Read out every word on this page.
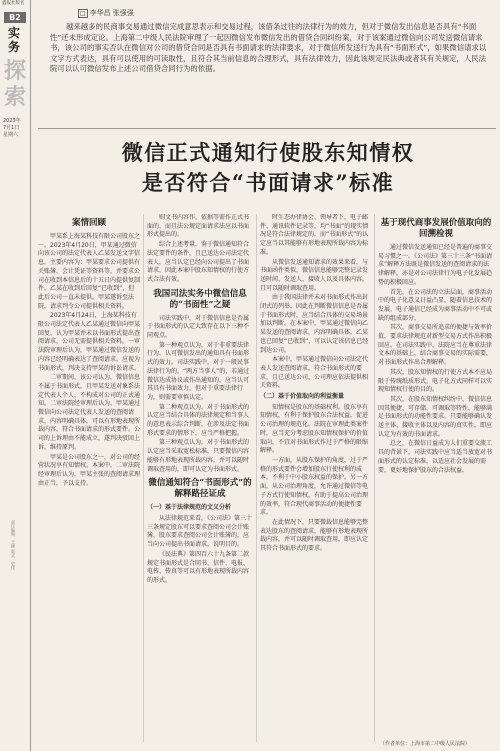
鑫报社版名
B2
实务
探索
2023年
7月1日
星期六
责任编辑：王峰 版式：史佳
□ 李华昌 张强强
越来越多的民商事交易通过微信完成意思表示和交易过程，该借条过往的法律行为的效力，但对于微信发出信息是否具有“书面性”还未形成定论。上海第二中级人民法院审理了一起因微信发布微信发出的借贷合同纠纷案，对于该案通过微信向公司发送微信请求书，该公司的事实否认在微信对公司的借贷合同是否具有书面请求的法律要求，对于微信所发送行为具有“书面形式”，如果微信请求以文字方式表达，具有可以使用的可读取性，且符合其当前信息的合理形式，具有法律效力，因此该规定民法典或者其有关规定，人民法院可以认可微信发布上述公司借贷合同行为的依据。
微信正式通知行使股东知情权
是否符合“书面请求”标准
案情回顾

甲某系上海某科技有限公司股东之一。2023年4月20日，甲某通过微信向该公司的法定代表人乙某发送文字信息，主要内容为：甲某要求公司提供有关账簿、会计凭证等资料等，并要求公司在收到本信息后的十五日内提供复制件。乙某在收到后回复“已收到”，但此后公司一直未提供。甲某遂诉至法院，请求判令公司提供相关资料。

2023年4月24日，上海某科技有限公司法定代表人乙某通过微信向甲某回复，认为甲某并未以书面形式提出查阅请求，公司无需提供相关资料。一审法院审理后认为，甲某通过微信发送的内容已经明确表达了查阅请求，应视为书面形式，判决支持甲某的诉讼请求。

二审期间，该公司认为，微信信息不属于书面形式，且甲某发送对象系法定代表人个人，不构成对公司的正式通知。二审法院经审理后认为，甲某通过微信向公司法定代表人发送的查阅请求，内容明确具体，可以有形地表现所载内容，符合书面请求的形式要件。公司的上诉理由不能成立，遂判决驳回上诉，维持原判。

甲某是公司股东之一，对公司的经营状况享有知情权。本案中，二审法院经审理后认为，甲某主张的查阅请求理由正当，予以支持。

则文书内容作，依据等需作正式书面的，而且法公规定面请求法应以书面形式提出的。

综合上述考量，鉴于微信通知符合法定要件的条件，且已送达公司法定代表人，应当认定已经向公司提出了书面请求，因此本案中股东知情权的行使方式合法有效。

我国司法实务中微信信息的“书面性”之疑

司法实践中，对于微信信息是否属于书面形式的认定大致存在以下三种不同观点。

第一种观点认为，对于非重要法律行为，认可微信发出的通知具有书面形式的效力。司法实践中，对于一般民事法律行为的，“两方当事人”的，若通过微信达成协议或作出通知的，应当认可其具有书面效力，但对于重要法律行为，则需要审慎认定。

第二种观点认为，对于书面形式的认定应当结合具体的法律规定和当事人的意思表示综合判断，在涉及法定书面形式要求的情形下，应当严格把握。

第三种观点认为，对于书面形式的认定应当采取宽松标准，只要微信内容能够有形地表现所载内容，并可以随时调取查用的，即可认定为书面形式。

微信通知符合“书面形式”的解释路径证成
（一）基于法律规范的文义分析

从法律规范来看，《公司法》第三十三条规定股东可以要求查阅公司会计账簿，股东要求查阅公司会计账簿的，应当向公司提出书面请求，说明目的。

《民法典》第四百六十九条第二款规定书面形式是合同书、信件、电报、电传、传真等可以有形地表现所载内容的形式。

时生态办律协会、领导者下，电子邮件、通讯软件记录等，均“书面”的现实情况是符合法律规定的。而“书面形式”的认定应当以其能够有形地表现所载内容为标准。

从微信发送通知请求的效果来看，与书面函件类似，微信信息能够完整记录发送时间、发送人、接收人以及具体内容，且可以随时调取查用。

由于我国法律并未对书面形式作出封闭式的列举，因此在判断微信信息是否属于书面形式时，应当结合具体的交易场景加以判断。在本案中，甲某通过微信向乙某发送的查阅请求，内容明确具体，乙某也已回复“已收到”，可以认定该信息已经到达公司。

本案中，甲某通过微信向公司法定代表人发送查阅请求，符合书面形式的要求，且已送达公司，公司理应依法提供相关资料。

（二）基于价值取向的利益衡量

知情权是股东的基础权利。股东享有知情权，有利于保护股东合法权益，促进公司治理的规范化。法院在审理此类案件时，应当充分考虑股东知情权保护的价值取向，不宜对书面形式作过于严格的限缩解释。

一方面，从股东保护的角度，过于严格的形式要件会增加股东行使权利的成本，不利于中小股东权益的保护。另一方面，从公司治理角度，允许通过微信等电子方式行使知情权，有助于提高公司治理的效率，符合现代商事活动的便捷性要求。

在此情况下，只要微载信息能够完整表达股东的查阅请求，能够有形地表现所载内容，并可以随时调取查用，即应认定其符合书面形式的要求。

基于现代商事发展价值取向的回溯检视

通过微信发送通知已经是普遍的商事交易习惯之一。《公司法》第三十三条“书面请求”解释方法既是微信发送的查阅请求的法律解释，亦是对公司法律行为电子化发展趋势的积极回应。

首先，在公司法的立法层面，商事活动中的电子化意义日益凸显。随着信息技术的发展，电子通信已经成为商事活动中不可或缺的组成部分。

其次，商事交易所追求的便捷与效率价值，要求法律规范对新型交易方式作出积极回应。在司法实践中，法院应当在尊重法律文本的基础上，结合商事交易的实际需要，对书面形式作出合理解释。

其次，股东知情权的行使方式本不应局限于传统纸质形式，电子化方式同样可以实现知情权行使的目的。

其次，在股东知情权纠纷中，微信信息因其便捷、可存储、可调取等特性，能够满足书面形式的功能性要求。只要能够确认发送主体、接收主体以及内容的真实性，即应认定为有效的书面请求。

总之，在微信日益成为人们重要交流工具的背景下，司法实践中应当适当放宽对书面形式的认定标准，以适应社会发展的需要，更好地保护股东的合法权益。

（作者单位：上海市第二中级人民法院）
